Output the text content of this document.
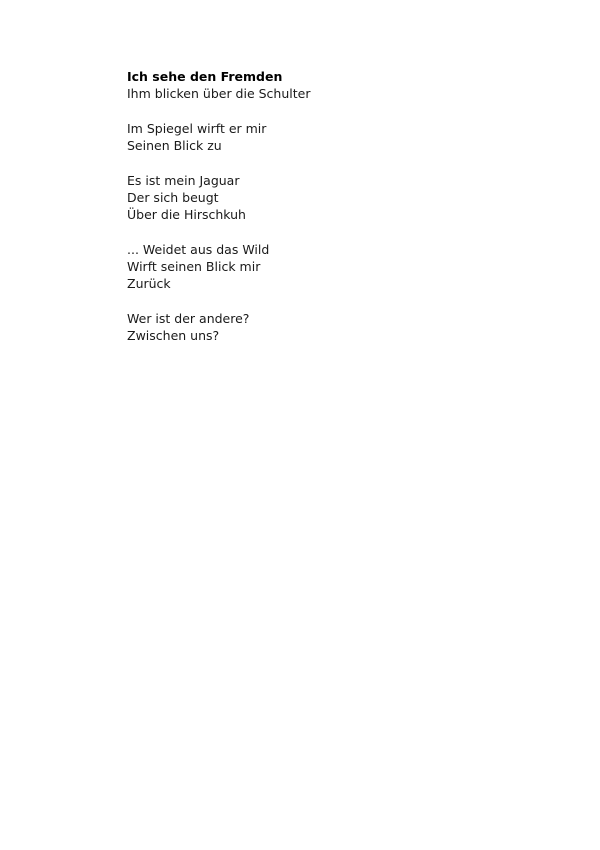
Ich sehe den Fremden
Ihm blicken über die Schulter
Im Spiegel wirft er mir
Seinen Blick zu
Es ist mein Jaguar
Der sich beugt
Über die Hirschkuh
... Weidet aus das Wild
Wirft seinen Blick mir
Zurück
Wer ist der andere?
Zwischen uns?
